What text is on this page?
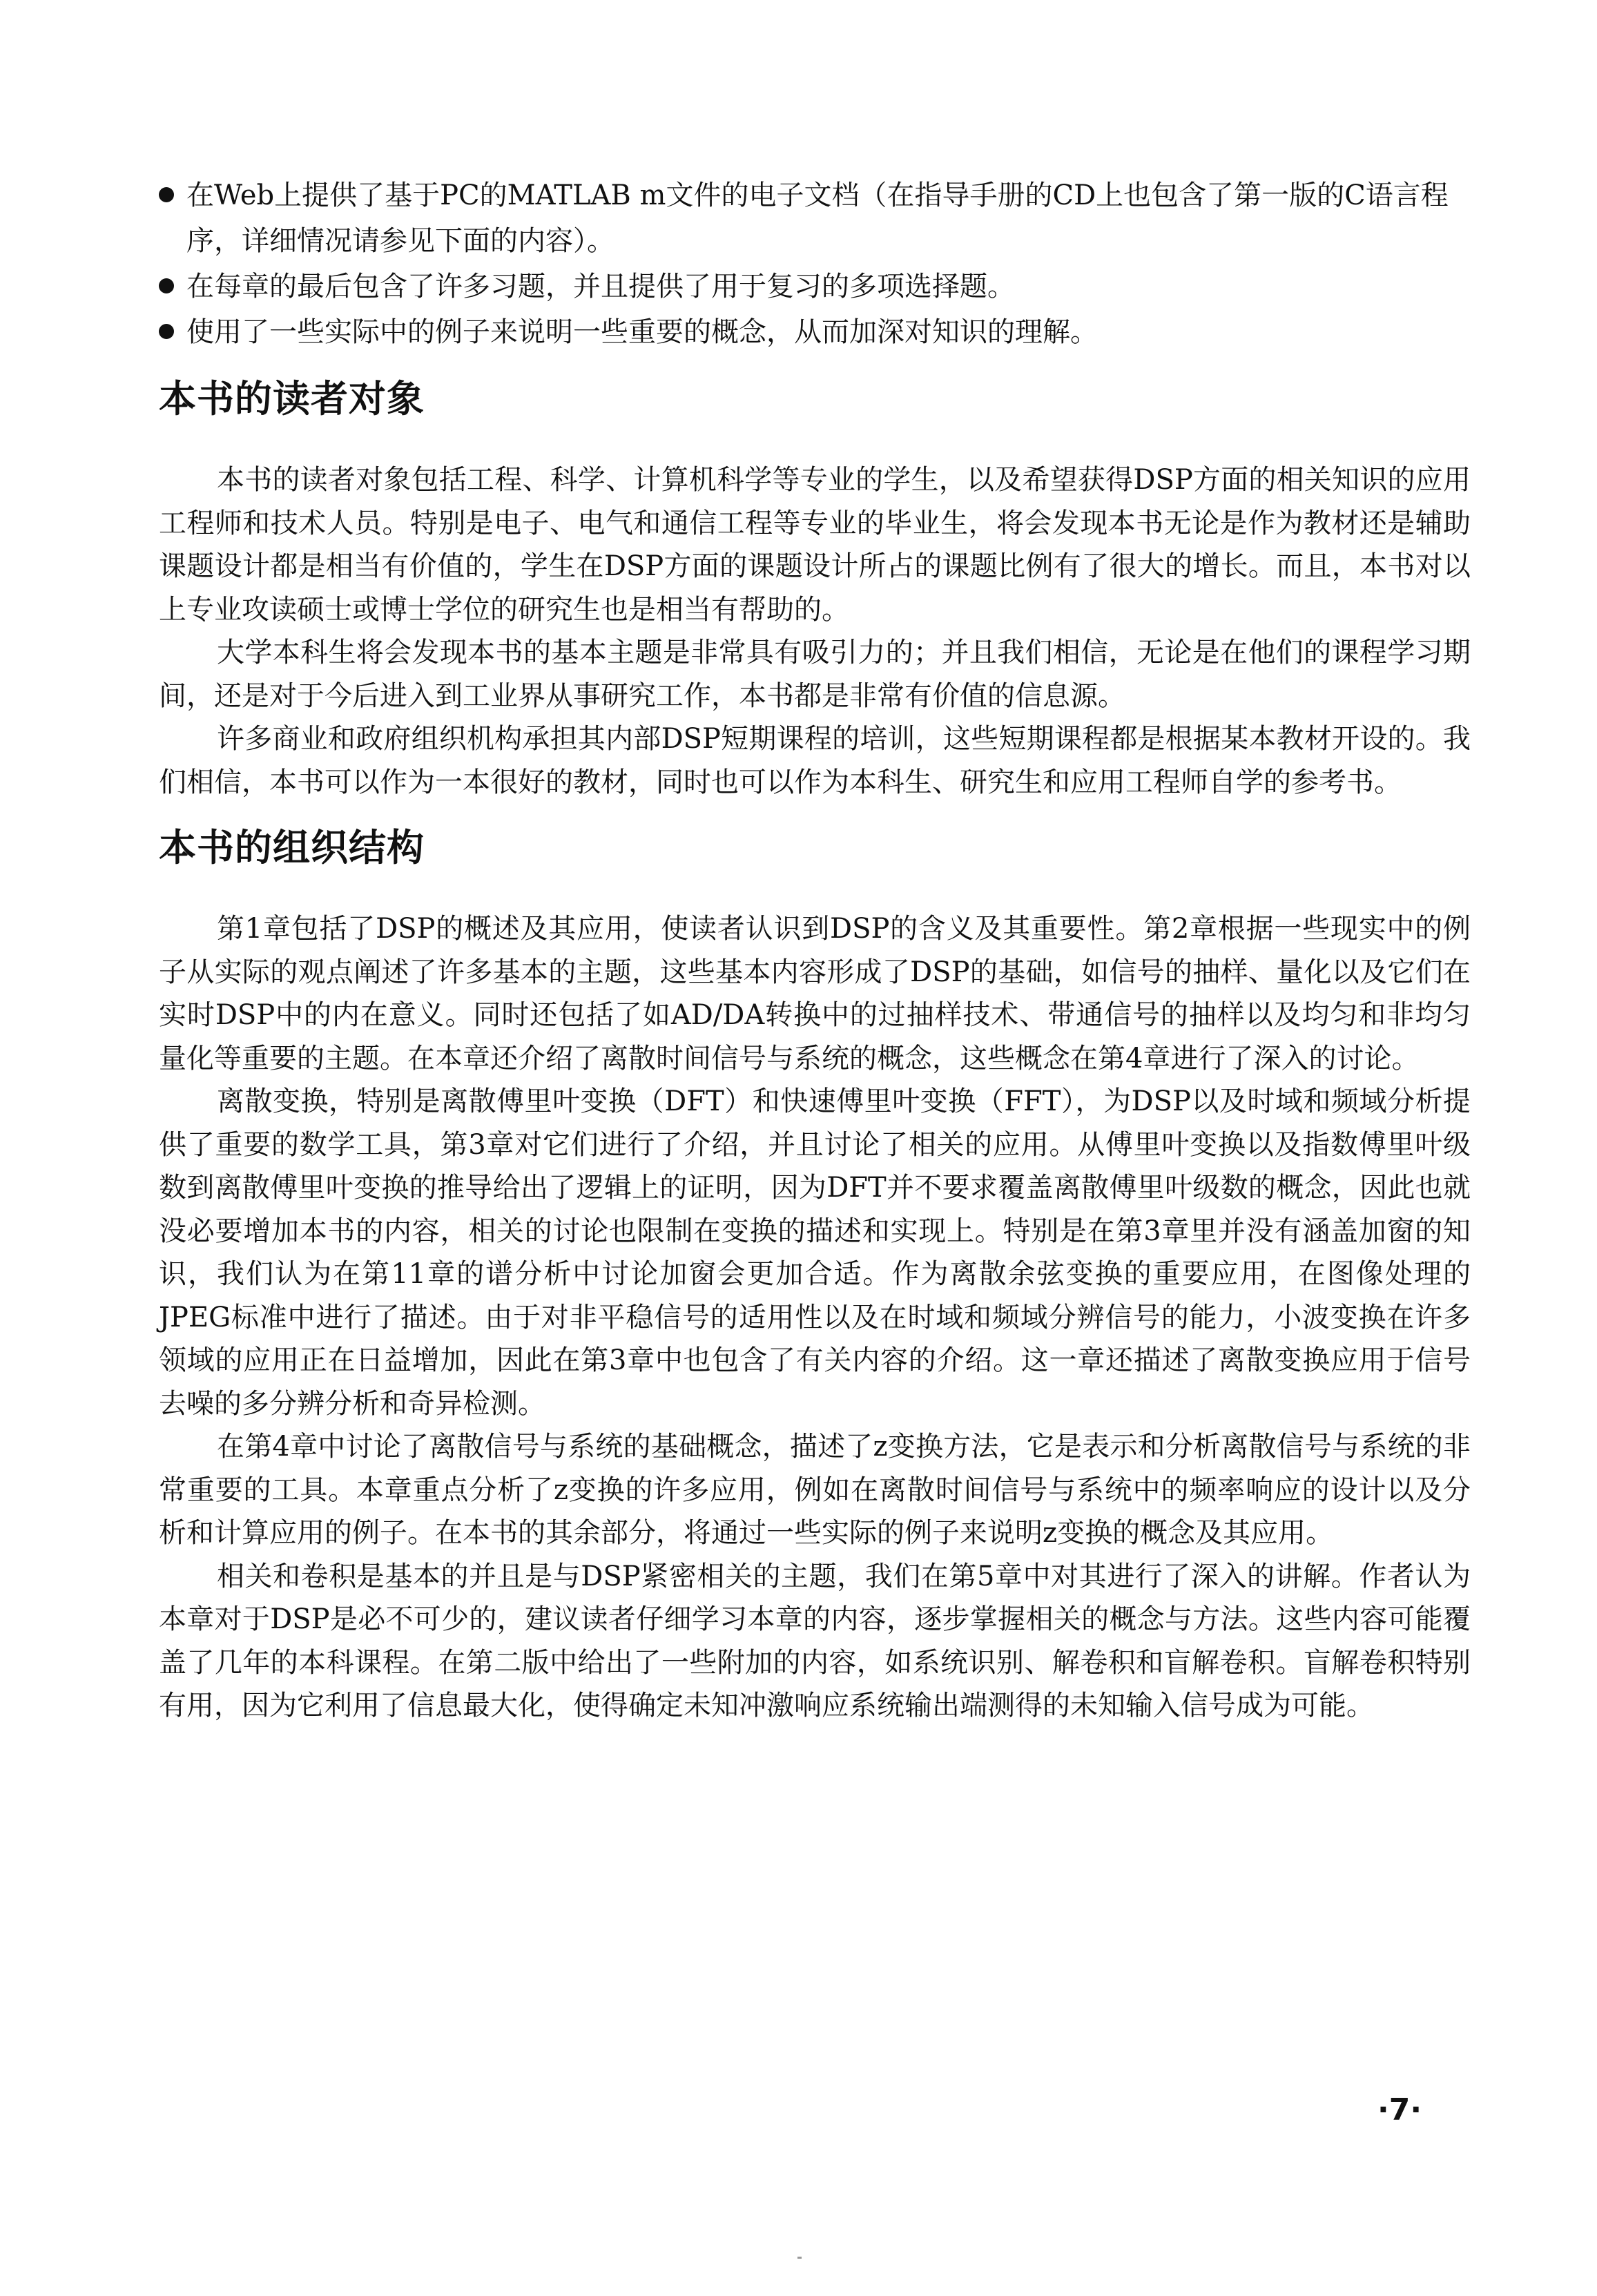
在Web上提供了基于PC的MATLAB m文件的电子文档（在指导手册的CD上也包含了第一版的C语言程序，详细情况请参见下面的内容）。
在每章的最后包含了许多习题，并且提供了用于复习的多项选择题。
使用了一些实际中的例子来说明一些重要的概念，从而加深对知识的理解。
本书的读者对象

本书的读者对象包括工程、科学、计算机科学等专业的学生，以及希望获得DSP方面的相关知识的应用工程师和技术人员。特别是电子、电气和通信工程等专业的毕业生，将会发现本书无论是作为教材还是辅助课题设计都是相当有价值的，学生在DSP方面的课题设计所占的课题比例有了很大的增长。而且，本书对以上专业攻读硕士或博士学位的研究生也是相当有帮助的。

大学本科生将会发现本书的基本主题是非常具有吸引力的；并且我们相信，无论是在他们的课程学习期间，还是对于今后进入到工业界从事研究工作，本书都是非常有价值的信息源。

许多商业和政府组织机构承担其内部DSP短期课程的培训，这些短期课程都是根据某本教材开设的。我们相信，本书可以作为一本很好的教材，同时也可以作为本科生、研究生和应用工程师自学的参考书。

本书的组织结构

第1章包括了DSP的概述及其应用，使读者认识到DSP的含义及其重要性。第2章根据一些现实中的例子从实际的观点阐述了许多基本的主题，这些基本内容形成了DSP的基础，如信号的抽样、量化以及它们在实时DSP中的内在意义。同时还包括了如AD/DA转换中的过抽样技术、带通信号的抽样以及均匀和非均匀量化等重要的主题。在本章还介绍了离散时间信号与系统的概念，这些概念在第4章进行了深入的讨论。

离散变换，特别是离散傅里叶变换（DFT）和快速傅里叶变换（FFT），为DSP以及时域和频域分析提供了重要的数学工具，第3章对它们进行了介绍，并且讨论了相关的应用。从傅里叶变换以及指数傅里叶级数到离散傅里叶变换的推导给出了逻辑上的证明，因为DFT并不要求覆盖离散傅里叶级数的概念，因此也就没必要增加本书的内容，相关的讨论也限制在变换的描述和实现上。特别是在第3章里并没有涵盖加窗的知识，我们认为在第11章的谱分析中讨论加窗会更加合适。作为离散余弦变换的重要应用，在图像处理的JPEG标准中进行了描述。由于对非平稳信号的适用性以及在时域和频域分辨信号的能力，小波变换在许多领域的应用正在日益增加，因此在第3章中也包含了有关内容的介绍。这一章还描述了离散变换应用于信号去噪的多分辨分析和奇异检测。

在第4章中讨论了离散信号与系统的基础概念，描述了z变换方法，它是表示和分析离散信号与系统的非常重要的工具。本章重点分析了z变换的许多应用，例如在离散时间信号与系统中的频率响应的设计以及分析和计算应用的例子。在本书的其余部分，将通过一些实际的例子来说明z变换的概念及其应用。

相关和卷积是基本的并且是与DSP紧密相关的主题，我们在第5章中对其进行了深入的讲解。作者认为本章对于DSP是必不可少的，建议读者仔细学习本章的内容，逐步掌握相关的概念与方法。这些内容可能覆盖了几年的本科课程。在第二版中给出了一些附加的内容，如系统识别、解卷积和盲解卷积。盲解卷积特别有用，因为它利用了信息最大化，使得确定未知冲激响应系统输出端测得的未知输入信号成为可能。

·7·
